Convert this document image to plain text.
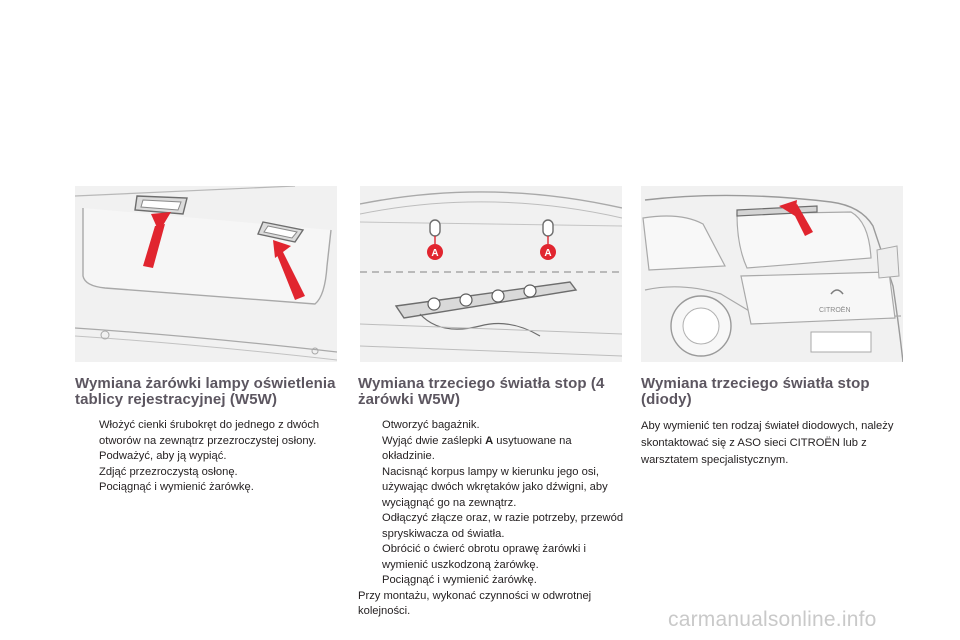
A	A
CITROËN
Wymiana żarówki lampy oświetlenia tablicy rejestracyjnej (W5W)
Włożyć cienki śrubokręt do jednego z dwóch otworów na zewnątrz przezroczystej osłony.
Podważyć, aby ją wypiąć.
Zdjąć przezroczystą osłonę.
Pociągnąć i wymienić żarówkę.
Wymiana trzeciego światła stop (4 żarówki W5W)
Otworzyć bagażnik.
Wyjąć dwie zaślepki A usytuowane na okładzinie.
Nacisnąć korpus lampy w kierunku jego osi, używając dwóch wkrętaków jako dźwigni, aby wyciągnąć go na zewnątrz.
Odłączyć złącze oraz, w razie potrzeby, przewód spryskiwacza od światła.
Obrócić o ćwierć obrotu oprawę żarówki i wymienić uszkodzoną żarówkę.
Pociągnąć i wymienić żarówkę.

Przy montażu, wykonać czynności w odwrotnej kolejności.

Wymiana trzeciego światła stop (diody)

Aby wymienić ten rodzaj świateł diodowych, należy skontaktować się z ASO sieci CITROËN lub z warsztatem specjalistycznym.

carmanualsonline.info
